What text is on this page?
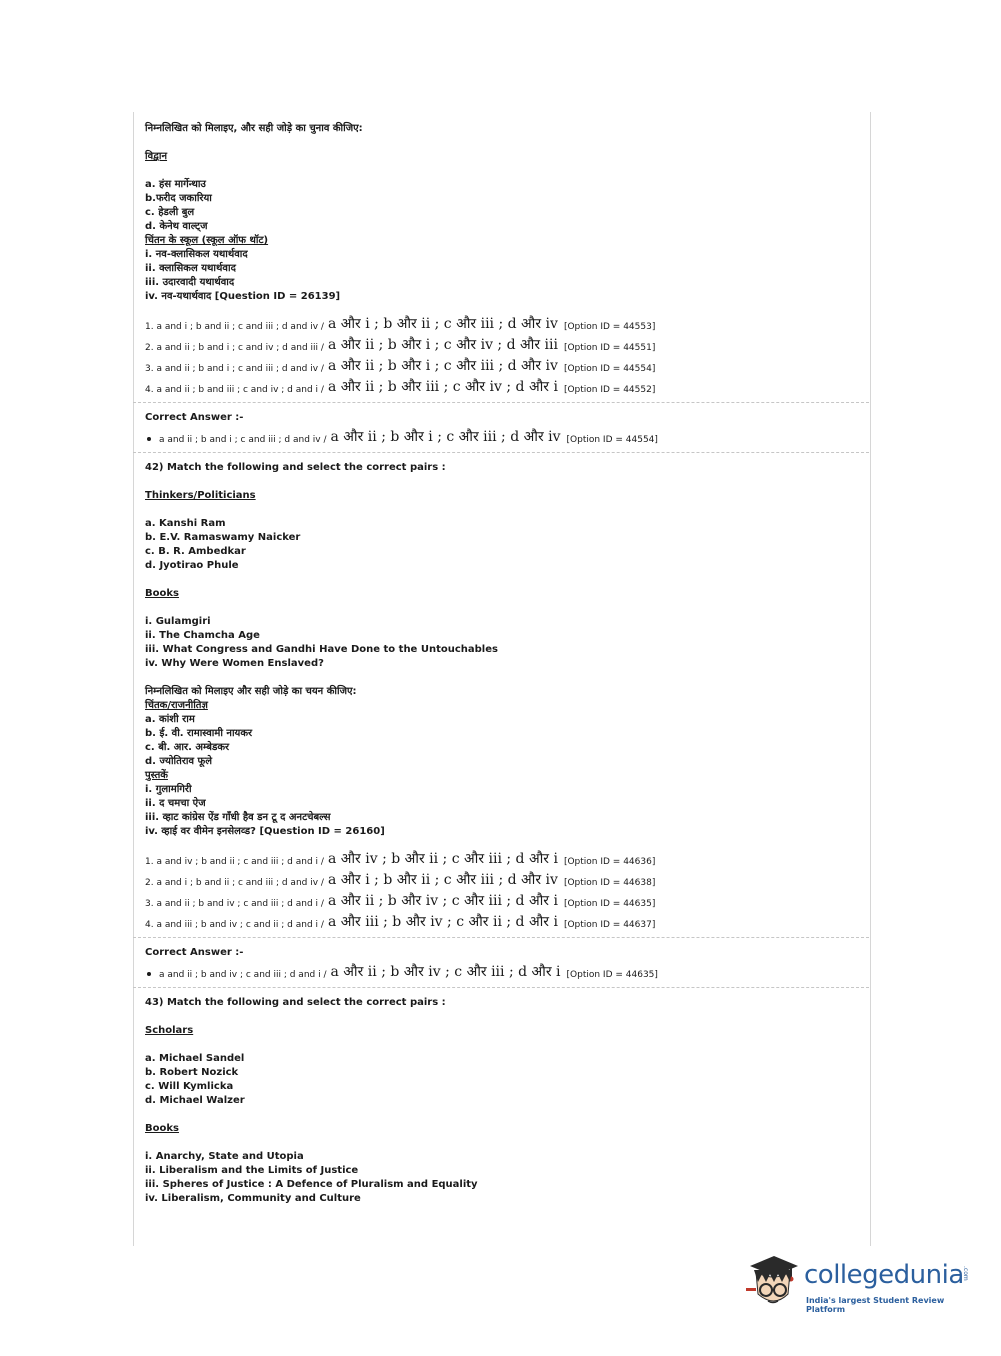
निम्नलिखित को मिलाइए, और सही जोड़े का चुनाव कीजिए:
विद्वान
a. हंस मार्गेन्थाउ
b.फरीद जकारिया
c. हेडली बुल
d. केनेथ वाल्ट्ज
चिंतन के स्कूल (स्कूल ऑफ थॉट)
i. नव-क्लासिकल यथार्थवाद
ii. क्लासिकल यथार्थवाद
iii. उदारवादी यथार्थवाद
iv. नव-यथार्थवाद [Question ID = 26139]
1. a and i ; b and ii ; c and iii ; d and iv / a और i ; b और ii ; c और iii ; d और iv [Option ID = 44553]
2. a and ii ; b and i ; c and iv ; d and iii / a और ii ; b और i ; c और iv ; d और iii [Option ID = 44551]
3. a and ii ; b and i ; c and iii ; d and iv / a और ii ; b और i ; c और iii ; d और iv [Option ID = 44554]
4. a and ii ; b and iii ; c and iv ; d and i / a और ii ; b और iii ; c और iv ; d और i [Option ID = 44552]
Correct Answer :-
a and ii ; b and i ; c and iii ; d and iv / a और ii ; b और i ; c और iii ; d और iv [Option ID = 44554]
42) Match the following and select the correct pairs :
Thinkers/Politicians
a. Kanshi Ram
b. E.V. Ramaswamy Naicker
c. B. R. Ambedkar
d. Jyotirao Phule
Books
i. Gulamgiri
ii. The Chamcha Age
iii. What Congress and Gandhi Have Done to the Untouchables
iv. Why Were Women Enslaved?
निम्नलिखित को मिलाइए और सही जोड़े का चयन कीजिए:
चिंतक/राजनीतिज्ञ
a. कांशी राम
b. ई. वी. रामास्वामी नायकर
c. बी. आर. अम्बेडकर
d. ज्योतिराव फूले
पुस्तकें
i. गुलामगिरी
ii. द चमचा ऐज
iii. व्हाट कांग्रेस ऐंड गाँधी हैव डन टू द अनटचेबल्स
iv. व्हाई वर वीमेन इनसेलव्ड? [Question ID = 26160]
1. a and iv ; b and ii ; c and iii ; d and i / a और iv ; b और ii ; c और iii ; d और i [Option ID = 44636]
2. a and i ; b and ii ; c and iii ; d and iv / a और i ; b और ii ; c और iii ; d और iv [Option ID = 44638]
3. a and ii ; b and iv ; c and iii ; d and i / a और ii ; b और iv ; c और iii ; d और i [Option ID = 44635]
4. a and iii ; b and iv ; c and ii ; d and i / a और iii ; b और iv ; c और ii ; d और i [Option ID = 44637]
Correct Answer :-
a and ii ; b and iv ; c and iii ; d and i / a और ii ; b और iv ; c और iii ; d और i [Option ID = 44635]
43) Match the following and select the correct pairs :
Scholars
a. Michael Sandel
b. Robert Nozick
c. Will Kymlicka
d. Michael Walzer
Books
i. Anarchy, State and Utopia
ii. Liberalism and the Limits of Justice
iii. Spheres of Justice : A Defence of Pluralism and Equality
iv. Liberalism, Community and Culture
collegedunia
.com
India's largest Student Review Platform
